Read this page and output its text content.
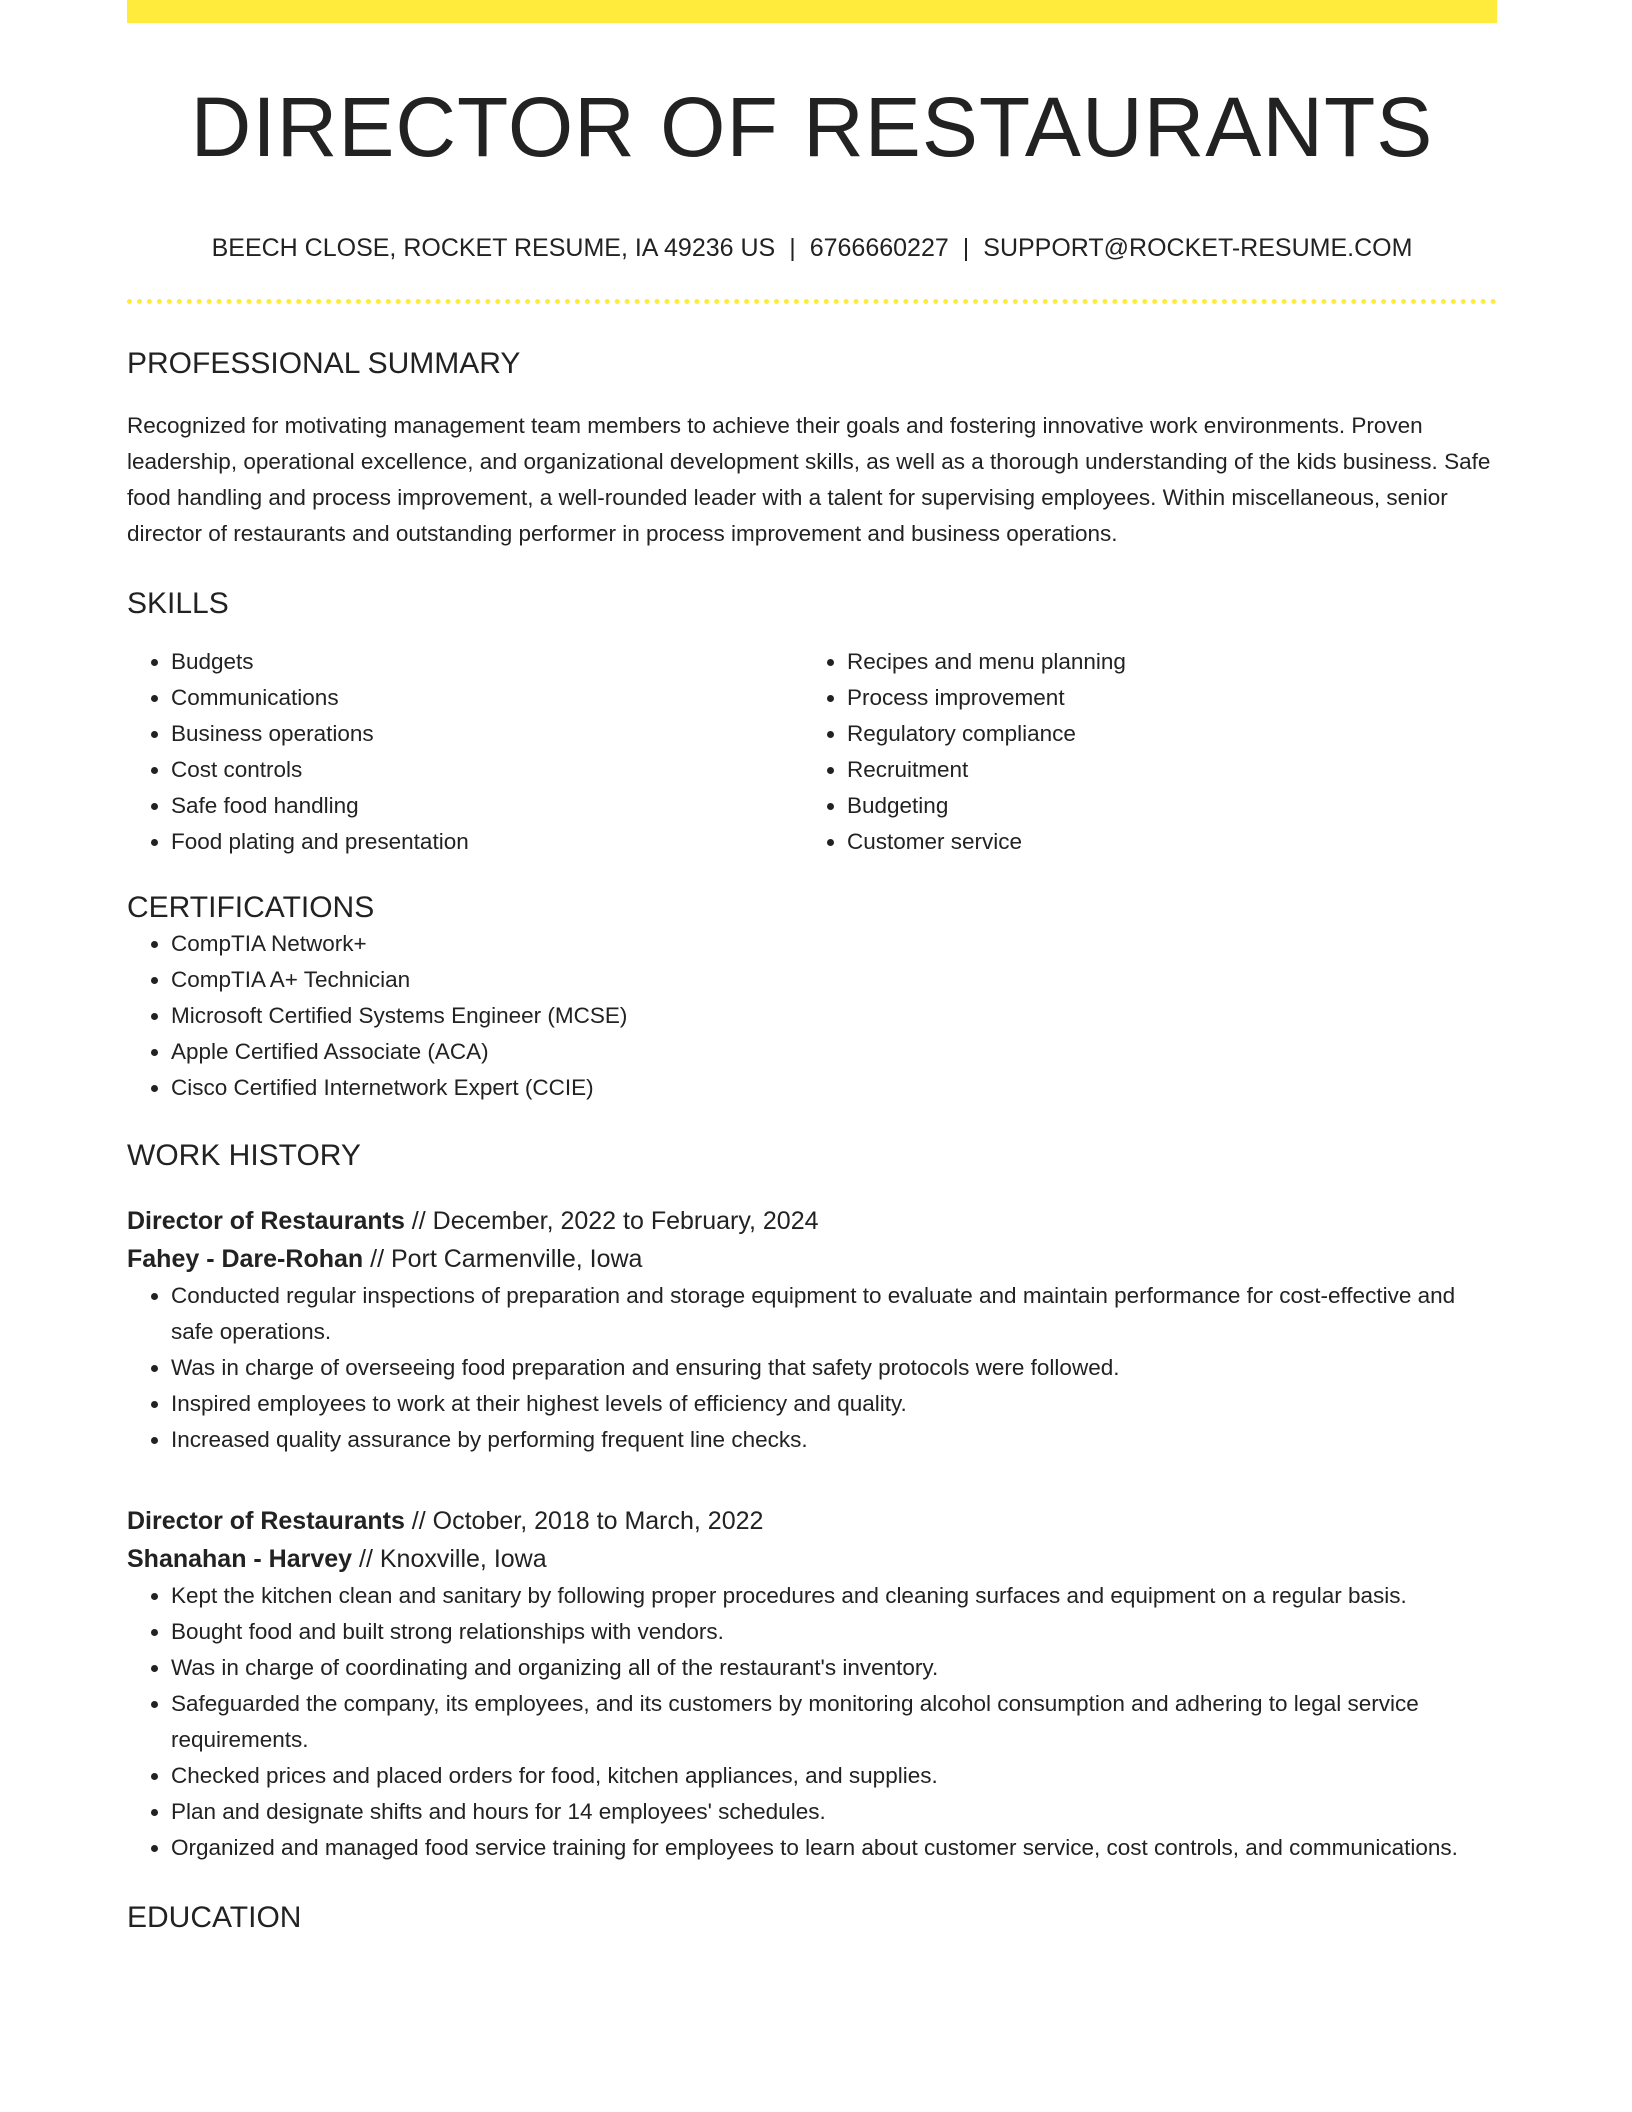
DIRECTOR OF RESTAURANTS
BEECH CLOSE, ROCKET RESUME, IA 49236 US | 6766660227 | SUPPORT@ROCKET-RESUME.COM
PROFESSIONAL SUMMARY

Recognized for motivating management team members to achieve their goals and fostering innovative work environments. Proven leadership, operational excellence, and organizational development skills, as well as a thorough understanding of the kids business. Safe food handling and process improvement, a well-rounded leader with a talent for supervising employees. Within miscellaneous, senior director of restaurants and outstanding performer in process improvement and business operations.

SKILLS
• Budgets
• Communications
• Business operations
• Cost controls
• Safe food handling
• Food plating and presentation
• Recipes and menu planning
• Process improvement
• Regulatory compliance
• Recruitment
• Budgeting
• Customer service
CERTIFICATIONS
• CompTIA Network+
• CompTIA A+ Technician
• Microsoft Certified Systems Engineer (MCSE)
• Apple Certified Associate (ACA)
• Cisco Certified Internetwork Expert (CCIE)
WORK HISTORY
Director of Restaurants // December, 2022 to February, 2024
Fahey - Dare-Rohan // Port Carmenville, Iowa
• Conducted regular inspections of preparation and storage equipment to evaluate and maintain performance for cost-effective and safe operations.
• Was in charge of overseeing food preparation and ensuring that safety protocols were followed.
• Inspired employees to work at their highest levels of efficiency and quality.
• Increased quality assurance by performing frequent line checks.
Director of Restaurants // October, 2018 to March, 2022
Shanahan - Harvey // Knoxville, Iowa
• Kept the kitchen clean and sanitary by following proper procedures and cleaning surfaces and equipment on a regular basis.
• Bought food and built strong relationships with vendors.
• Was in charge of coordinating and organizing all of the restaurant's inventory.
• Safeguarded the company, its employees, and its customers by monitoring alcohol consumption and adhering to legal service requirements.
• Checked prices and placed orders for food, kitchen appliances, and supplies.
• Plan and designate shifts and hours for 14 employees' schedules.
• Organized and managed food service training for employees to learn about customer service, cost controls, and communications.
EDUCATION
